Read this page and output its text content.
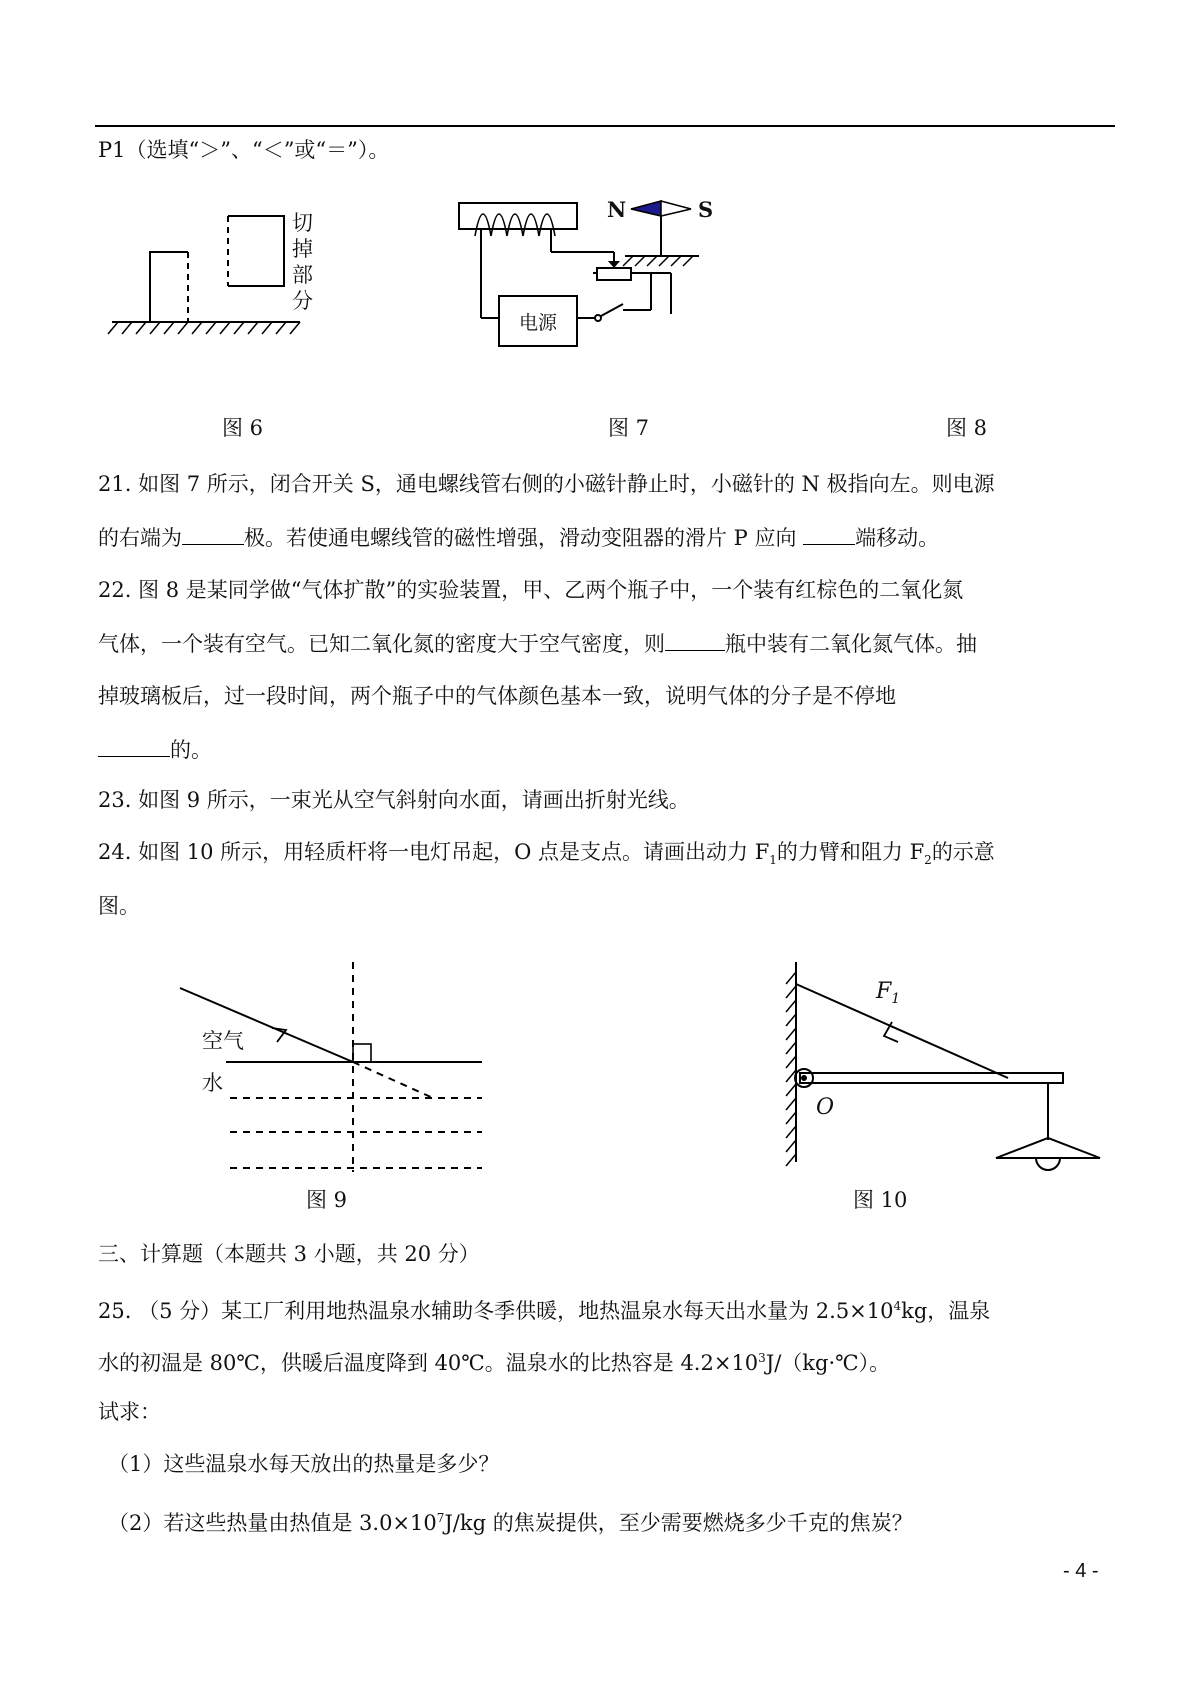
P1（选填“＞”、“＜”或“＝”）。
切
掉
部
分
N	S
电源
图 6	图 7	图 8
21. 如图 7 所示，闭合开关 S，通电螺线管右侧的小磁针静止时，小磁针的 N 极指向左。则电源
的右端为	极。若使通电螺线管的磁性增强，滑动变阻器的滑片 P 应向 端移动。
22. 图 8 是某同学做“气体扩散”的实验装置，甲、乙两个瓶子中，一个装有红棕色的二氧化氮
气体，一个装有空气。已知二氧化氮的密度大于空气密度，则	瓶中装有二氧化氮气体。抽
掉玻璃板后，过一段时间，两个瓶子中的气体颜色基本一致，说明气体的分子是不停地
的。
23. 如图 9 所示，一束光从空气斜射向水面，请画出折射光线。
24. 如图 10 所示，用轻质杆将一电灯吊起，O 点是支点。请画出动力 $F_1$的力臂和阻力 $F_2$的示意
图。
空气
水
图 9
$F_1$
O
图 10
三、计算题（本题共 3 小题，共 20 分）
25. （5 分）某工厂利用地热温泉水辅助冬季供暖，地热温泉水每天出水量为 $2.5\times 10^4kg$，温泉
水的初温是 80℃，供暖后温度降到 40℃。温泉水的比热容是 $4.2\times 10^3J/(kg\cdot℃)$。
试求：
（1）这些温泉水每天放出的热量是多少？
（2）若这些热量由热值是 $3.0\times 10^7J/kg$ 的焦炭提供，至少需要燃烧多少千克的焦炭？
- 4 -
